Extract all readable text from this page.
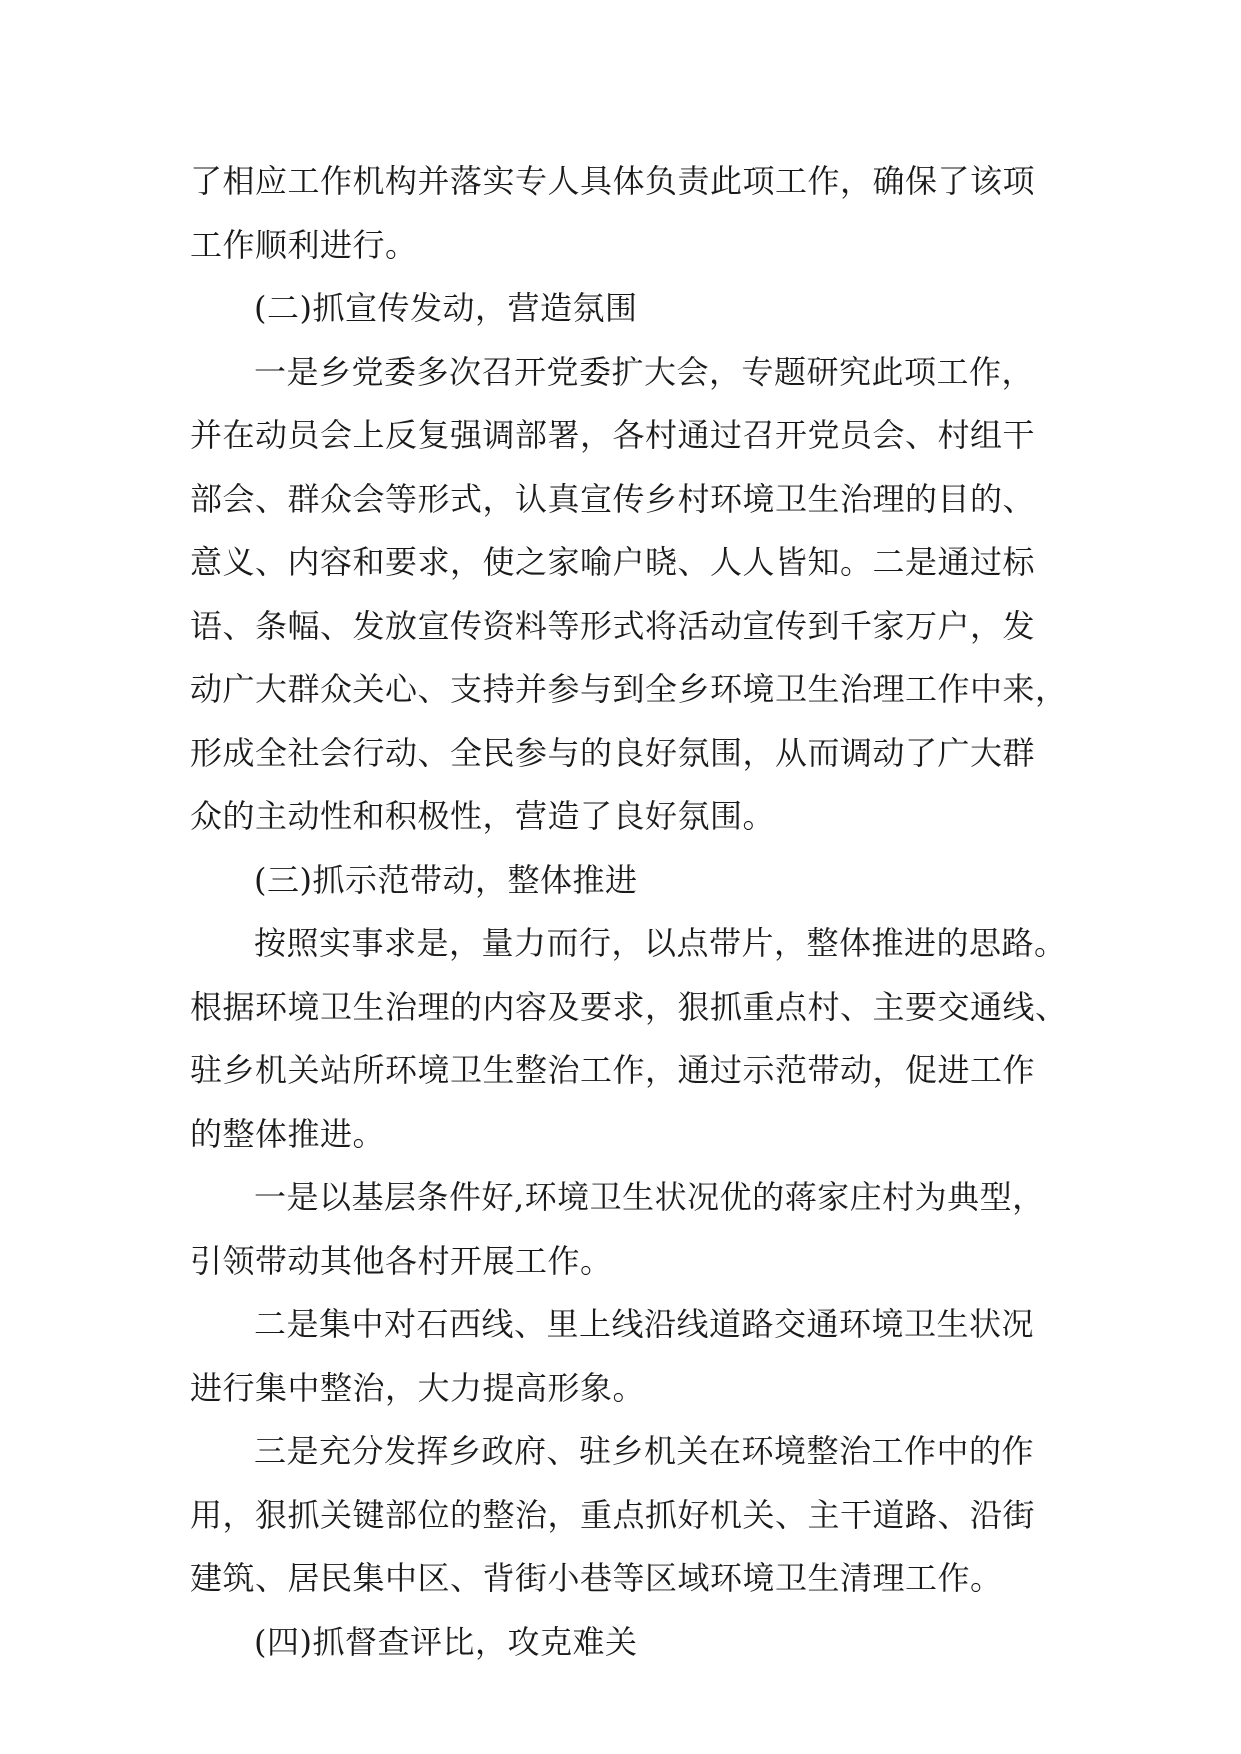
了相应工作机构并落实专人具体负责此项工作，确保了该项
工作顺利进行。
(二)抓宣传发动，营造氛围
一是乡党委多次召开党委扩大会，专题研究此项工作，
并在动员会上反复强调部署，各村通过召开党员会、村组干
部会、群众会等形式，认真宣传乡村环境卫生治理的目的、
意义、内容和要求，使之家喻户晓、人人皆知。二是通过标
语、条幅、发放宣传资料等形式将活动宣传到千家万户，发
动广大群众关心、支持并参与到全乡环境卫生治理工作中来，
形成全社会行动、全民参与的良好氛围，从而调动了广大群
众的主动性和积极性，营造了良好氛围。
(三)抓示范带动，整体推进
按照实事求是，量力而行，以点带片，整体推进的思路。
根据环境卫生治理的内容及要求，狠抓重点村、主要交通线、
驻乡机关站所环境卫生整治工作，通过示范带动，促进工作
的整体推进。
一是以基层条件好,环境卫生状况优的蒋家庄村为典型，
引领带动其他各村开展工作。
二是集中对石西线、里上线沿线道路交通环境卫生状况
进行集中整治，大力提高形象。
三是充分发挥乡政府、驻乡机关在环境整治工作中的作
用，狠抓关键部位的整治，重点抓好机关、主干道路、沿街
建筑、居民集中区、背街小巷等区域环境卫生清理工作。
(四)抓督查评比，攻克难关
